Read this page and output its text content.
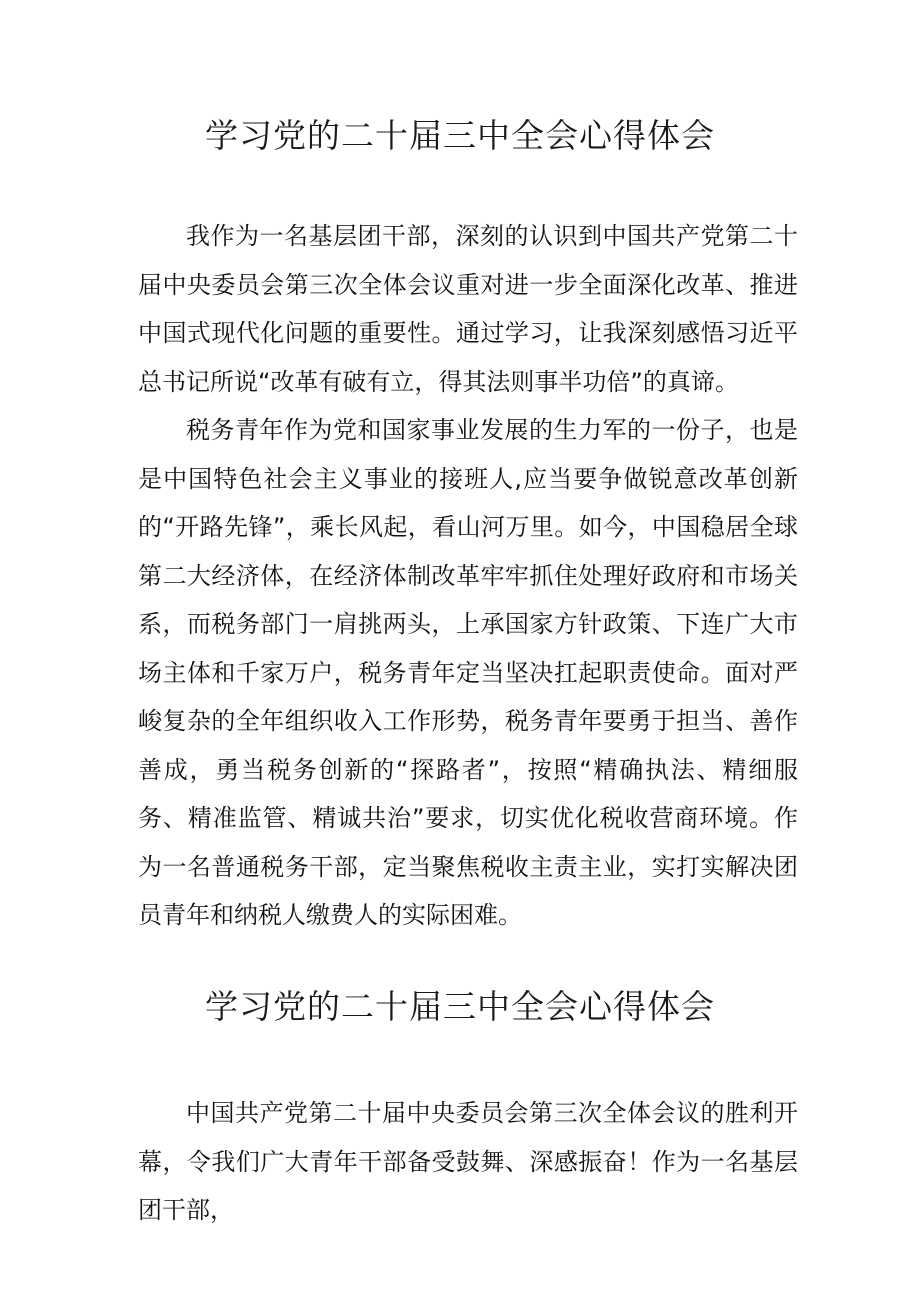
学习党的二十届三中全会心得体会

我作为一名基层团干部，深刻的认识到中国共产党第二十届中央委员会第三次全体会议重对进一步全面深化改革、推进中国式现代化问题的重要性。通过学习，让我深刻感悟习近平总书记所说“改革有破有立，得其法则事半功倍”的真谛。

税务青年作为党和国家事业发展的生力军的一份子，也是是中国特色社会主义事业的接班人,应当要争做锐意改革创新的“开路先锋”，乘长风起，看山河万里。如今，中国稳居全球第二大经济体，在经济体制改革牢牢抓住处理好政府和市场关系，而税务部门一肩挑两头，上承国家方针政策、下连广大市场主体和千家万户，税务青年定当坚决扛起职责使命。面对严峻复杂的全年组织收入工作形势，税务青年要勇于担当、善作善成，勇当税务创新的“探路者”，按照“精确执法、精细服务、精准监管、精诚共治”要求，切实优化税收营商环境。作为一名普通税务干部，定当聚焦税收主责主业，实打实解决团员青年和纳税人缴费人的实际困难。

学习党的二十届三中全会心得体会

中国共产党第二十届中央委员会第三次全体会议的胜利开幕，令我们广大青年干部备受鼓舞、深感振奋！作为一名基层团干部，
